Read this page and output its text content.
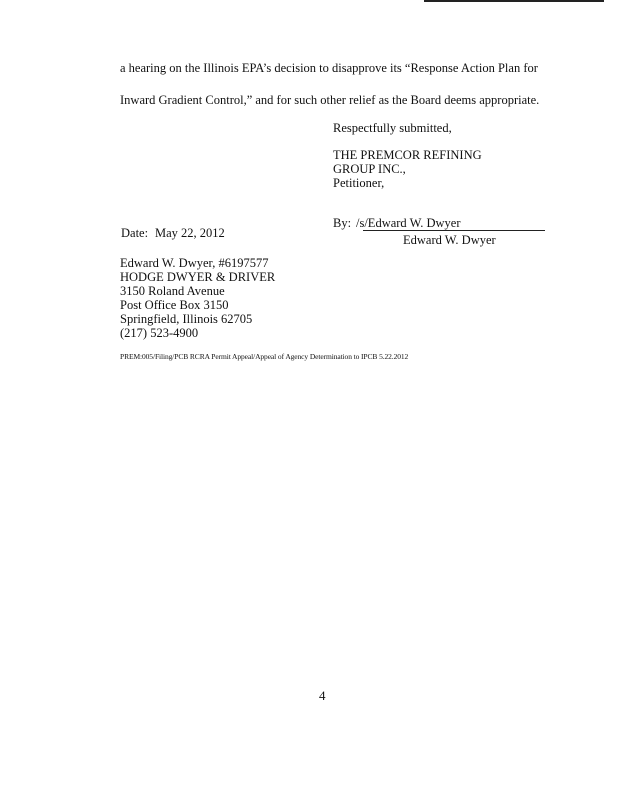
a hearing on the Illinois EPA’s decision to disapprove its “Response Action Plan for
Inward Gradient Control,” and for such other relief as the Board deems appropriate.
Respectfully submitted,
THE PREMCOR REFINING
GROUP INC.,
Petitioner,
By: /s/Edward W. Dwyer
Edward W. Dwyer
Date: May 22, 2012
Edward W. Dwyer, #6197577
HODGE DWYER & DRIVER
3150 Roland Avenue
Post Office Box 3150
Springfield, Illinois 62705
(217) 523-4900
PREM:005/Filing/PCB RCRA Permit Appeal/Appeal of Agency Determination to IPCB 5.22.2012
4
